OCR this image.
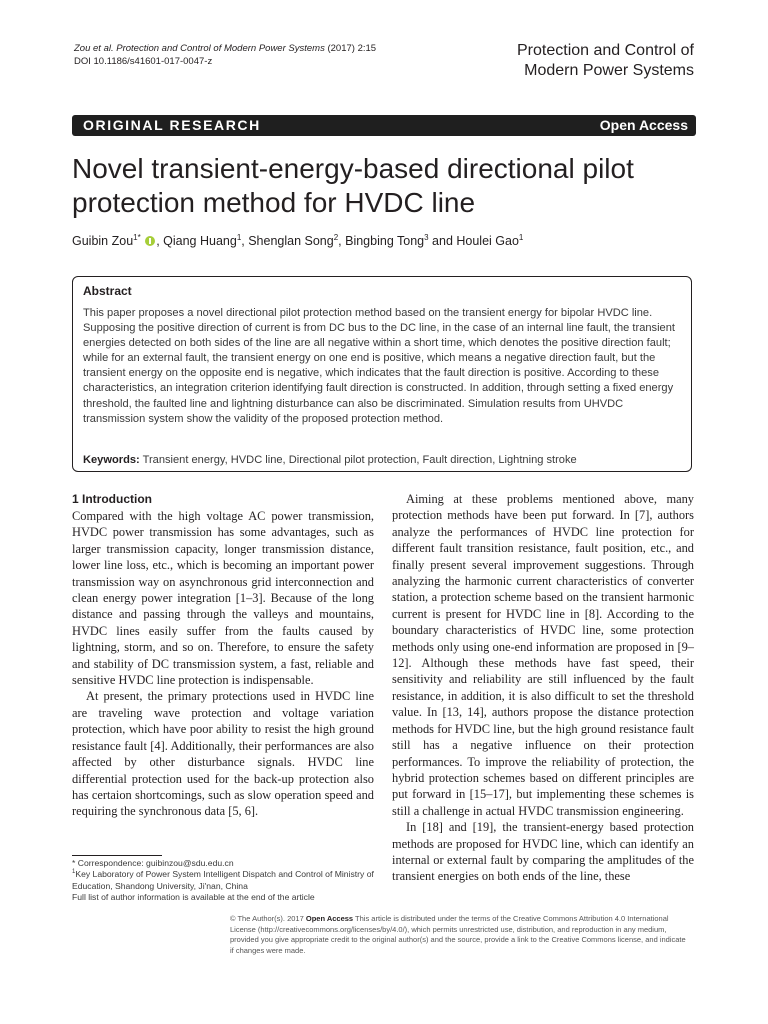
Zou et al. Protection and Control of Modern Power Systems (2017) 2:15
DOI 10.1186/s41601-017-0047-z
Protection and Control of
Modern Power Systems
ORIGINAL RESEARCH	Open Access
Novel transient-energy-based directional pilot protection method for HVDC line
Guibin Zou$^{1*}$ , Qiang Huang$^1$, Shenglan Song$^2$, Bingbing Tong$^3$ and Houlei Gao$^1$
Abstract
This paper proposes a novel directional pilot protection method based on the transient energy for bipolar HVDC line. Supposing the positive direction of current is from DC bus to the DC line, in the case of an internal line fault, the transient energies detected on both sides of the line are all negative within a short time, which denotes the positive direction fault; while for an external fault, the transient energy on one end is positive, which means a negative direction fault, but the transient energy on the opposite end is negative, which indicates that the fault direction is positive. According to these characteristics, an integration criterion identifying fault direction is constructed. In addition, through setting a fixed energy threshold, the faulted line and lightning disturbance can also be discriminated. Simulation results from UHVDC transmission system show the validity of the proposed protection method.
Keywords: Transient energy, HVDC line, Directional pilot protection, Fault direction, Lightning stroke
1 Introduction

Compared with the high voltage AC power transmission, HVDC power transmission has some advantages, such as larger transmission capacity, longer transmission distance, lower line loss, etc., which is becoming an important power transmission way on asynchronous grid interconnection and clean energy power integration [1–3]. Because of the long distance and passing through the valleys and mountains, HVDC lines easily suffer from the faults caused by lightning, storm, and so on. Therefore, to ensure the safety and stability of DC transmission system, a fast, reliable and sensitive HVDC line protection is indispensable.

At present, the primary protections used in HVDC line are traveling wave protection and voltage variation protection, which have poor ability to resist the high ground resistance fault [4]. Additionally, their performances are also affected by other disturbance signals. HVDC line differential protection used for the back-up protection also has certaion shortcomings, such as slow operation speed and requiring the synchronous data [5, 6].

Aiming at these problems mentioned above, many protection methods have been put forward. In [7], authors analyze the performances of HVDC line protection for different fault transition resistance, fault position, etc., and finally present several improvement suggestions. Through analyzing the harmonic current characteristics of converter station, a protection scheme based on the transient harmonic current is present for HVDC line in [8]. According to the boundary characteristics of HVDC line, some protection methods only using one-end information are proposed in [9–12]. Although these methods have fast speed, their sensitivity and reliability are still influenced by the fault resistance, in addition, it is also difficult to set the threshold value. In [13, 14], authors propose the distance protection methods for HVDC line, but the high ground resistance fault still has a negative influence on their protection performances. To improve the reliability of protection, the hybrid protection schemes based on different principles are put forward in [15–17], but implementing these schemes is still a challenge in actual HVDC transmission engineering.

In [18] and [19], the transient-energy based protection methods are proposed for HVDC line, which can identify an internal or external fault by comparing the amplitudes of the transient energies on both ends of the line, these

* Correspondence: guibinzou@sdu.edu.cn
$^1$Key Laboratory of Power System Intelligent Dispatch and Control of Ministry of Education, Shandong University, Ji'nan, China
Full list of author information is available at the end of the article
© The Author(s). 2017 Open Access This article is distributed under the terms of the Creative Commons Attribution 4.0 International License (http://creativecommons.org/licenses/by/4.0/), which permits unrestricted use, distribution, and reproduction in any medium, provided you give appropriate credit to the original author(s) and the source, provide a link to the Creative Commons license, and indicate if changes were made.
